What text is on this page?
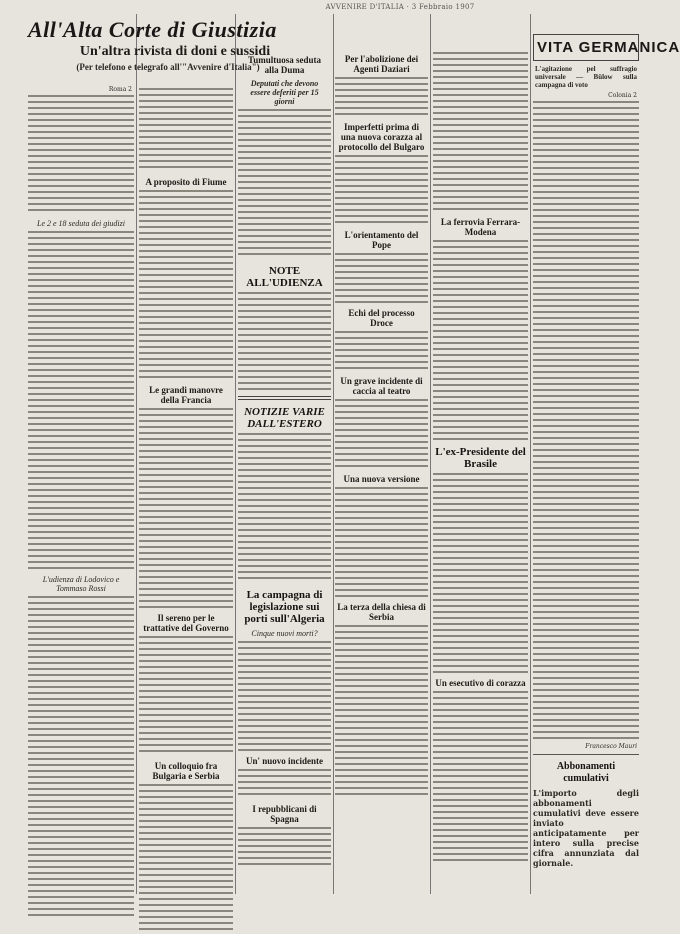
AVVENIRE D'ITALIA · 3 Febbraio 1907
All'Alta Corte di Giustizia
Un'altra rivista di doni e sussidi
(Per telefono e telegrafo all'"Avvenire d'Italia")
Roma 2
Le 2 e 18 seduta dei giudizi
L'udienza di Lodovico e Tommaso Rossi
A proposito di Fiume
Le grandi manovre della Francia
Il sereno per le trattative del Governo
Un colloquio fra Bulgaria e Serbia
Tumultuosa seduta alla Duma
Deputati che devono essere deferiti per 15 giorni
NOTE ALL'UDIENZA
NOTIZIE VARIE DALL'ESTERO
La campagna di legislazione sui porti sull'Algeria
Cinque nuovi morti?
Un' nuovo incidente
I repubblicani di Spagna
Per l'abolizione dei Agenti Daziari
Imperfetti prima di una nuova corazza al protocollo del Bulgaro
L'orientamento del Pope
Echi del processo Droce
Un grave incidente di caccia al teatro
Una nuova versione
La terza della chiesa di Serbia
La ferrovia Ferrara-Modena
L'ex-Presidente del Brasile
Un esecutivo di corazza
VITA GERMANICA
L'agitazione pel suffragio universale — Bülow sulla campagna di voto
Colonia 2
Francesco Mauri
Abbonamenti cumulativi
L'importo degli abbonamenti cumulativi deve essere inviato anticipatamente per intero sulla precise cifra annunziata dal giornale.
